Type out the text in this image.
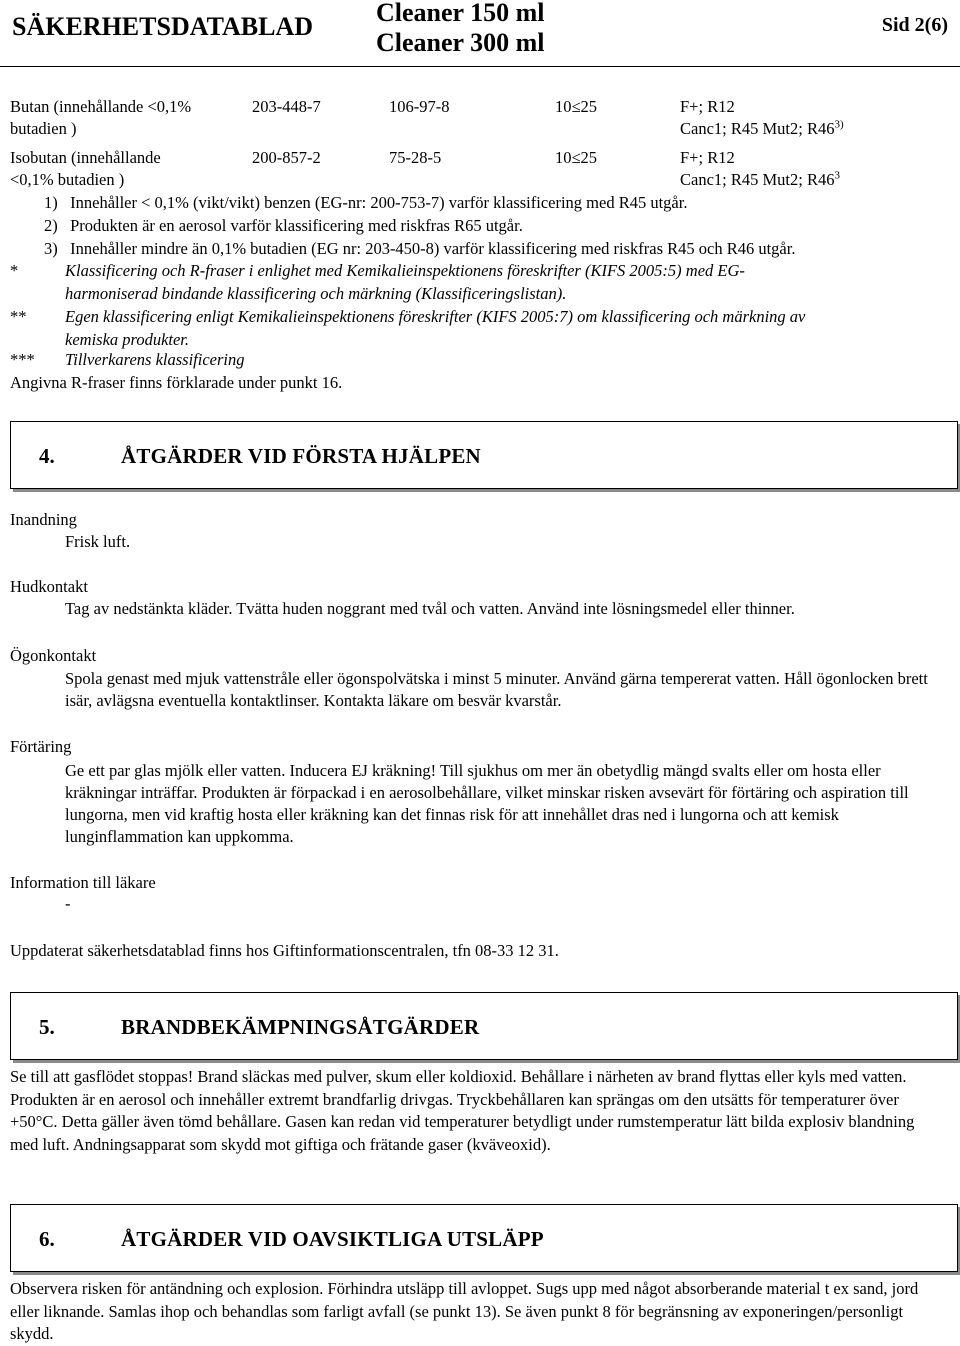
SÄKERHETSDATABLAD Cleaner 150 ml
Cleaner 300 ml
Sid 2(6)
Butan (innehållande <0,1%
butadien )
203-448-7	106-97-8	10≤25	F+; R12
Canc1; R45 Mut2; R46$^{3)}$
Isobutan (innehållande
<0,1% butadien )
200-857-2	75-28-5	10≤25	F+; R12
Canc1; R45 Mut2; $R46^3$
1) Innehåller < 0,1% (vikt/vikt) benzen (EG-nr: 200-753-7) varför klassificering med R45 utgår.
2) Produkten är en aerosol varför klassificering med riskfras R65 utgår.
3) Innehåller mindre än 0,1% butadien (EG nr: 203-450-8) varför klassificering med riskfras R45 och R46 utgår.
*	Klassificering och R-fraser i enlighet med Kemikalieinspektionens föreskrifter (KIFS 2005:5) med EG-
harmoniserad bindande klassificering och märkning (Klassificeringslistan).
** Egen klassificering enligt Kemikalieinspektionens föreskrifter (KIFS 2005:7) om klassificering och märkning av
kemiska produkter.
*** Tillverkarens klassificering
Angivna R-fraser finns förklarade under punkt 16.
4.	ÅTGÄRDER VID FÖRSTA HJÄLPEN
Inandning
Frisk luft.
Hudkontakt
Tag av nedstänkta kläder. Tvätta huden noggrant med tvål och vatten. Använd inte lösningsmedel eller thinner.
Ögonkontakt
Spola genast med mjuk vattenstråle eller ögonspolvätska i minst 5 minuter. Använd gärna tempererat vatten. Håll ögonlocken brett isär, avlägsna eventuella kontaktlinser. Kontakta läkare om besvär kvarstår.
Förtäring
Ge ett par glas mjölk eller vatten. Inducera EJ kräkning! Till sjukhus om mer än obetydlig mängd svalts eller om hosta eller kräkningar inträffar. Produkten är förpackad i en aerosolbehållare, vilket minskar risken avsevärt för förtäring och aspiration till lungorna, men vid kraftig hosta eller kräkning kan det finnas risk för att innehållet dras ned i lungorna och att kemisk lunginflammation kan uppkomma.
Information till läkare
-
Uppdaterat säkerhetsdatablad finns hos Giftinformationscentralen, tfn 08-33 12 31.
5.	BRANDBEKÄMPNINGSÅTGÄRDER
Se till att gasflödet stoppas! Brand släckas med pulver, skum eller koldioxid. Behållare i närheten av brand flyttas eller kyls med vatten. Produkten är en aerosol och innehåller extremt brandfarlig drivgas. Tryckbehållaren kan sprängas om den utsätts för temperaturer över +50°C. Detta gäller även tömd behållare. Gasen kan redan vid temperaturer betydligt under rumstemperatur lätt bilda explosiv blandning med luft. Andningsapparat som skydd mot giftiga och frätande gaser (kväveoxid).
6.	ÅTGÄRDER VID OAVSIKTLIGA UTSLÄPP
Observera risken för antändning och explosion. Förhindra utsläpp till avloppet. Sugs upp med något absorberande material t ex sand, jord eller liknande. Samlas ihop och behandlas som farligt avfall (se punkt 13). Se även punkt 8 för begränsning av exponeringen/personligt skydd.
